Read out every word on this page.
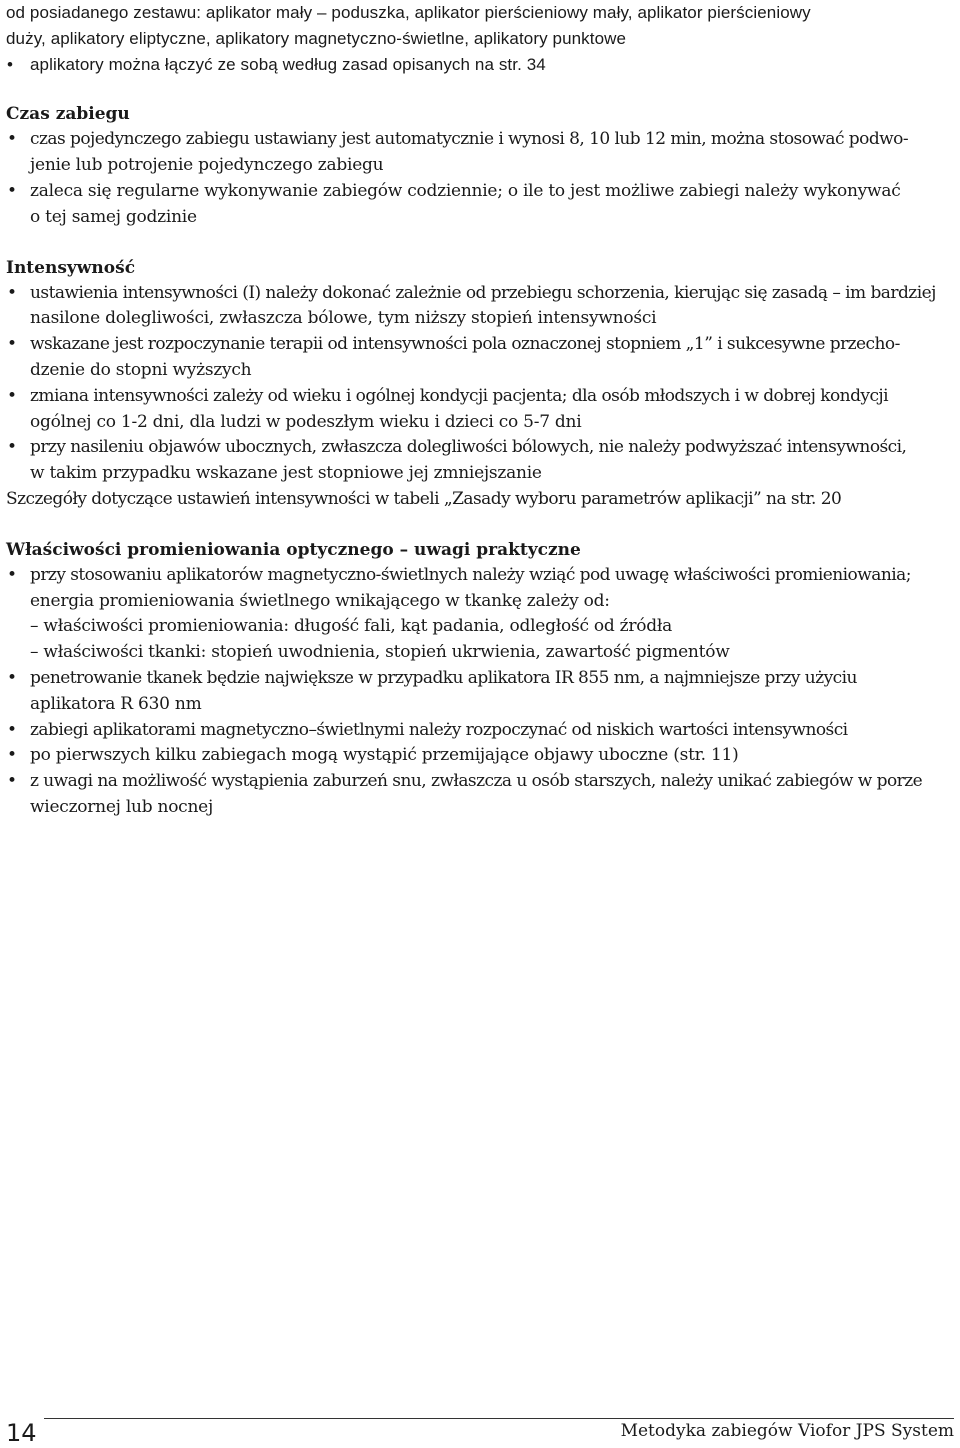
od posiadanego zestawu: aplikator mały – poduszka, aplikator pierścieniowy mały, aplikator pierścieniowy
duży, aplikatory eliptyczne, aplikatory magnetyczno-świetlne, aplikatory punktowe
• aplikatory można łączyć ze sobą według zasad opisanych na str. 34
Czas zabiegu
• czas pojedynczego zabiegu ustawiany jest automatycznie i wynosi 8, 10 lub 12 min, można stosować podwo-
jenie lub potrojenie pojedynczego zabiegu
• zaleca się regularne wykonywanie zabiegów codziennie; o ile to jest możliwe zabiegi należy wykonywać
o tej samej godzinie
Intensywność
• ustawienia intensywności (I) należy dokonać zależnie od przebiegu schorzenia, kierując się zasadą – im bardziej
nasilone dolegliwości, zwłaszcza bólowe, tym niższy stopień intensywności
• wskazane jest rozpoczynanie terapii od intensywności pola oznaczonej stopniem „1” i sukcesywne przecho-
dzenie do stopni wyższych
• zmiana intensywności zależy od wieku i ogólnej kondycji pacjenta; dla osób młodszych i w dobrej kondycji
ogólnej co 1-2 dni, dla ludzi w podeszłym wieku i dzieci co 5-7 dni
• przy nasileniu objawów ubocznych, zwłaszcza dolegliwości bólowych, nie należy podwyższać intensywności,
w takim przypadku wskazane jest stopniowe jej zmniejszanie
Szczegóły dotyczące ustawień intensywności w tabeli „Zasady wyboru parametrów aplikacji” na str. 20
Właściwości promieniowania optycznego – uwagi praktyczne
• przy stosowaniu aplikatorów magnetyczno-świetlnych należy wziąć pod uwagę właściwości promieniowania;
energia promieniowania świetlnego wnikającego w tkankę zależy od:
– właściwości promieniowania: długość fali, kąt padania, odległość od źródła
– właściwości tkanki: stopień uwodnienia, stopień ukrwienia, zawartość pigmentów
• penetrowanie tkanek będzie największe w przypadku aplikatora IR 855 nm, a najmniejsze przy użyciu
aplikatora R 630 nm
• zabiegi aplikatorami magnetyczno–świetlnymi należy rozpoczynać od niskich wartości intensywności
• po pierwszych kilku zabiegach mogą wystąpić przemijające objawy uboczne (str. 11)
• z uwagi na możliwość wystąpienia zaburzeń snu, zwłaszcza u osób starszych, należy unikać zabiegów w porze
wieczornej lub nocnej
14	Metodyka zabiegów Viofor JPS System
